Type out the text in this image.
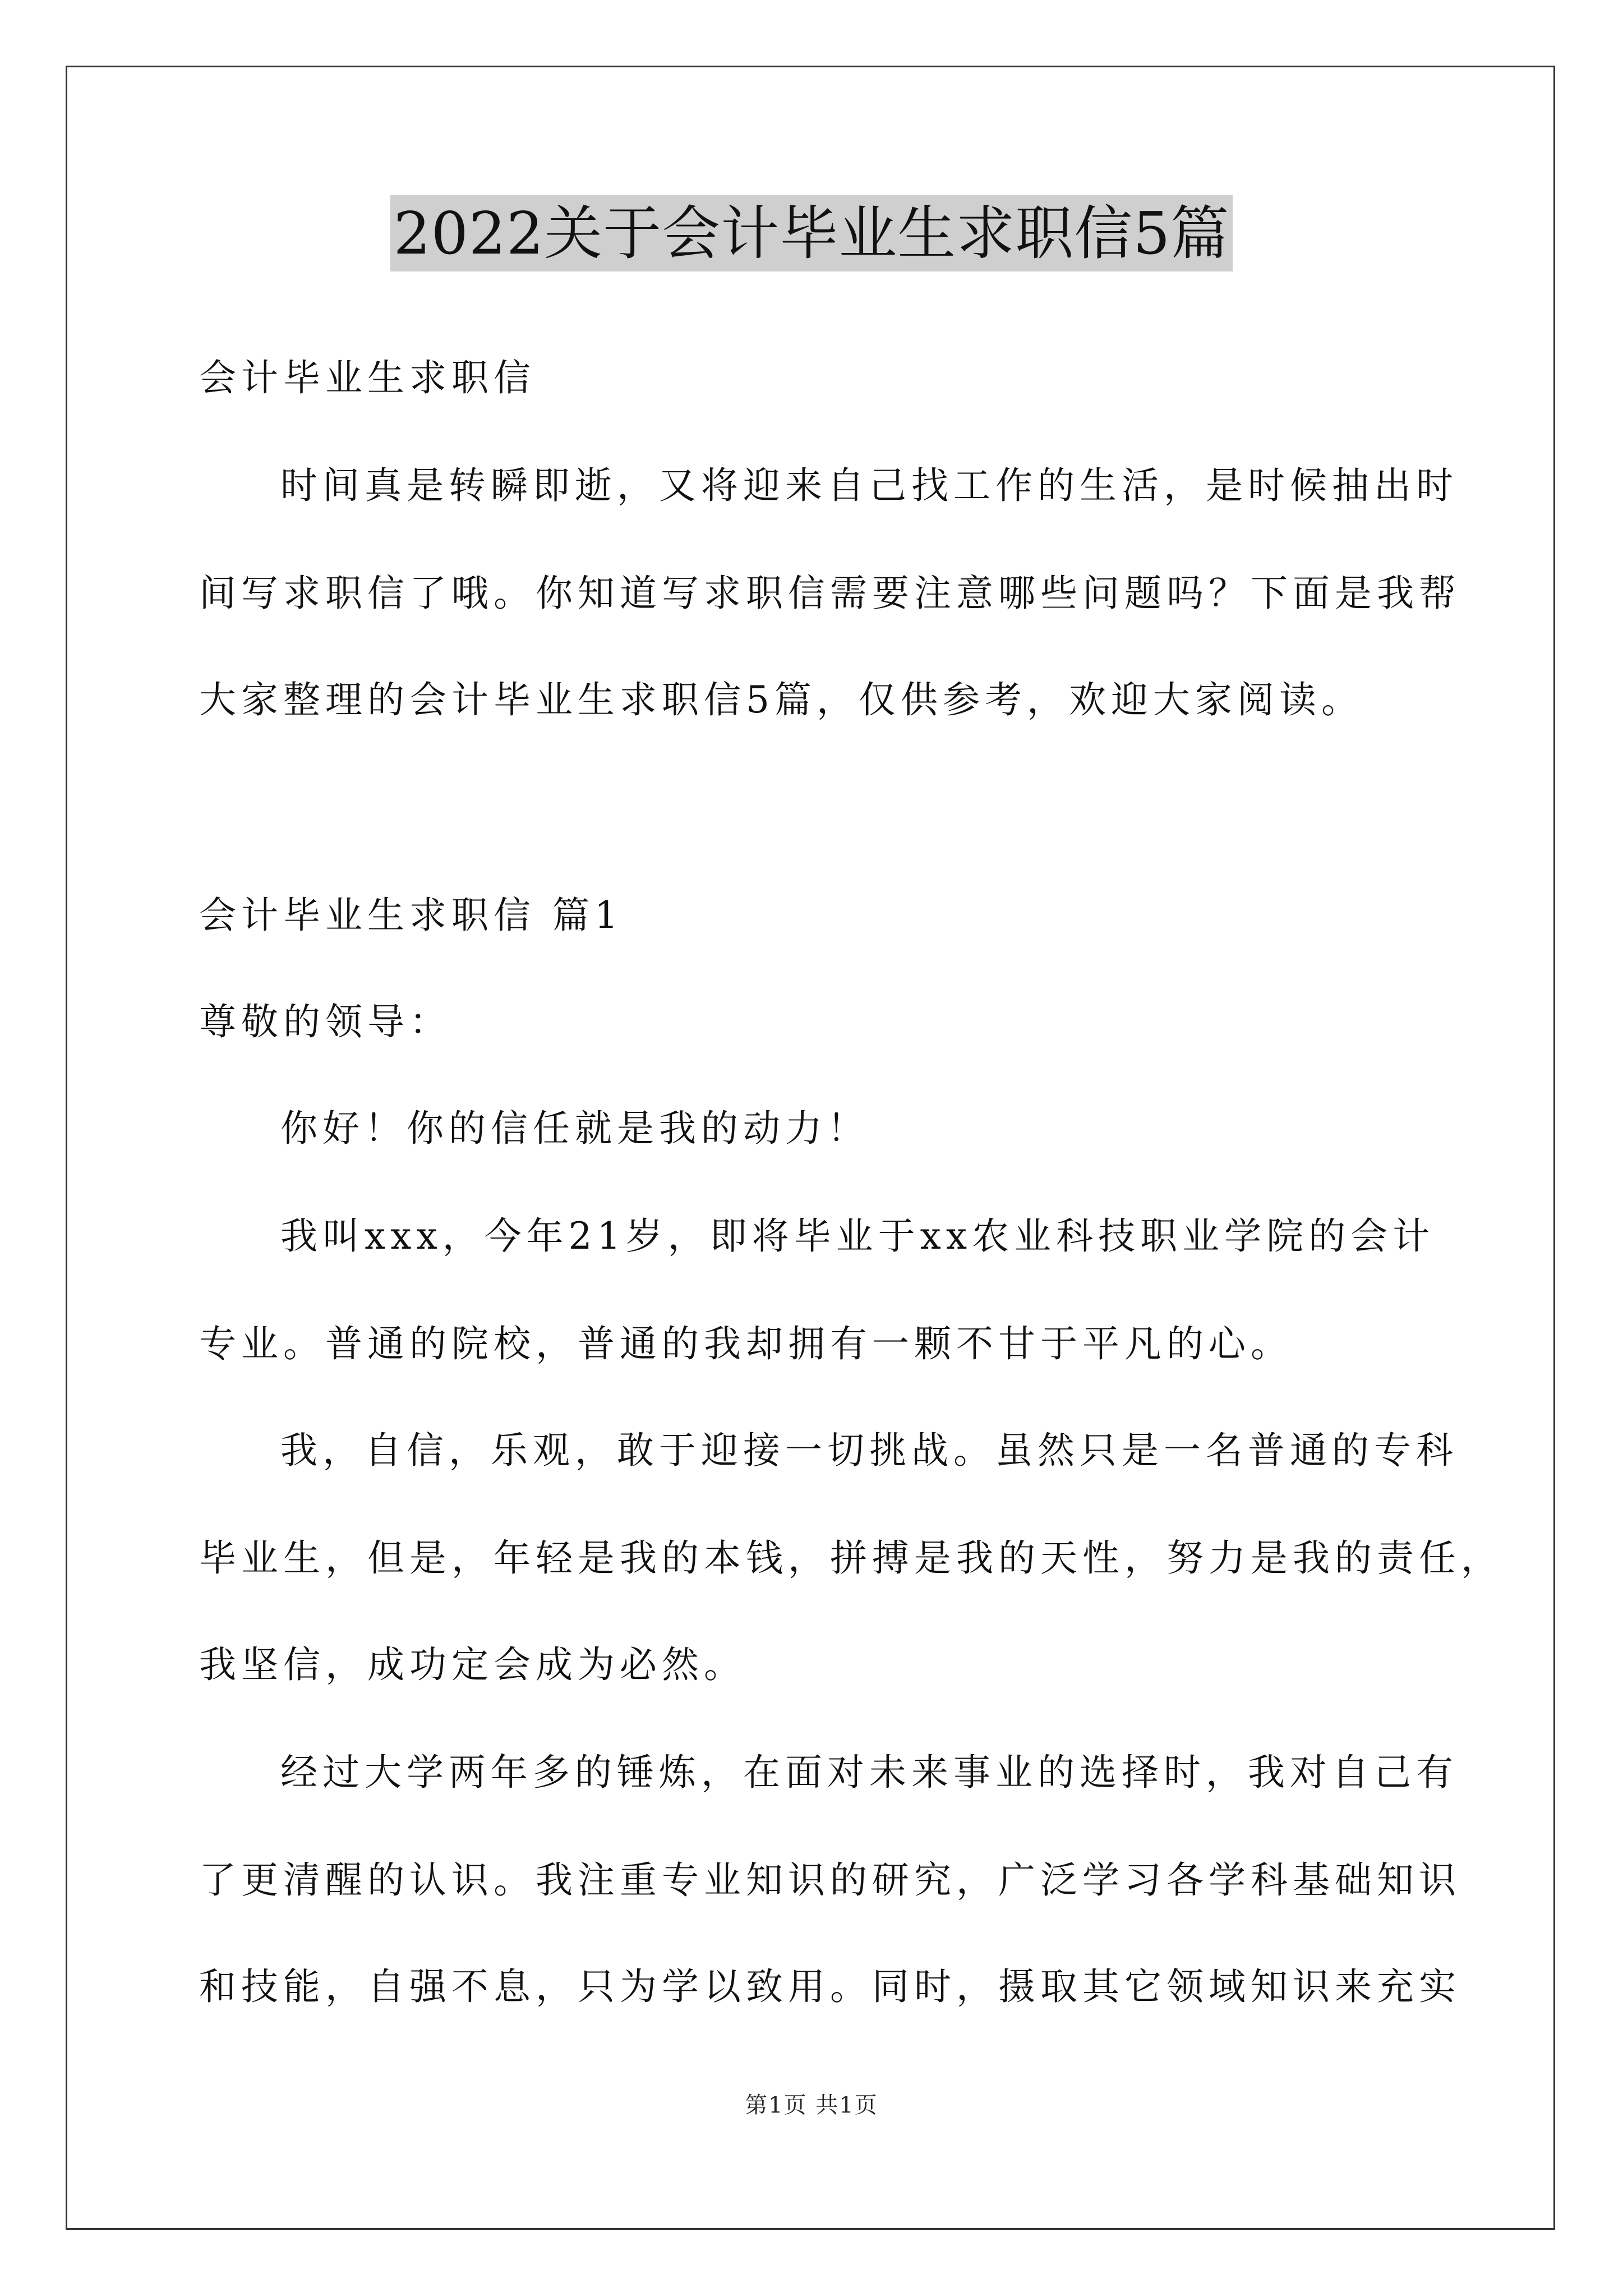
2022关于会计毕业生求职信5篇
会计毕业生求职信
时间真是转瞬即逝，又将迎来自己找工作的生活，是时候抽出时
间写求职信了哦。你知道写求职信需要注意哪些问题吗？下面是我帮
大家整理的会计毕业生求职信5篇，仅供参考，欢迎大家阅读。
会计毕业生求职信 篇1
尊敬的领导：
你好！你的信任就是我的动力！
我叫xxx，今年21岁，即将毕业于xx农业科技职业学院的会计
专业。普通的院校，普通的我却拥有一颗不甘于平凡的心。
我，自信，乐观，敢于迎接一切挑战。虽然只是一名普通的专科
毕业生，但是，年轻是我的本钱，拼搏是我的天性，努力是我的责任，
我坚信，成功定会成为必然。
经过大学两年多的锤炼，在面对未来事业的选择时，我对自己有
了更清醒的认识。我注重专业知识的研究，广泛学习各学科基础知识
和技能，自强不息，只为学以致用。同时，摄取其它领域知识来充实
第1页 共1页
